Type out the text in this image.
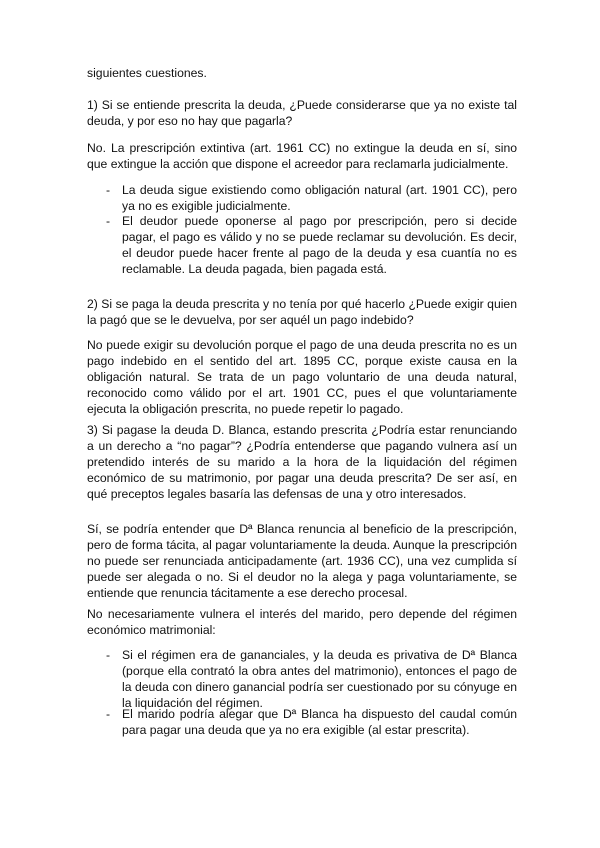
siguientes cuestiones.

1) Si se entiende prescrita la deuda, ¿Puede considerarse que ya no existe tal deuda, y por eso no hay que pagarla?

No. La prescripción extintiva (art. 1961 CC) no extingue la deuda en sí, sino que extingue la acción que dispone el acreedor para reclamarla judicialmente.

- La deuda sigue existiendo como obligación natural (art. 1901 CC), pero ya no es exigible judicialmente.

- El deudor puede oponerse al pago por prescripción, pero si decide pagar, el pago es válido y no se puede reclamar su devolución. Es decir, el deudor puede hacer frente al pago de la deuda y esa cuantía no es reclamable. La deuda pagada, bien pagada está.

2) Si se paga la deuda prescrita y no tenía por qué hacerlo ¿Puede exigir quien la pagó que se le devuelva, por ser aquél un pago indebido?

No puede exigir su devolución porque el pago de una deuda prescrita no es un pago indebido en el sentido del art. 1895 CC, porque existe causa en la obligación natural. Se trata de un pago voluntario de una deuda natural, reconocido como válido por el art. 1901 CC, pues el que voluntariamente ejecuta la obligación prescrita, no puede repetir lo pagado.

3) Si pagase la deuda D. Blanca, estando prescrita ¿Podría estar renunciando a un derecho a “no pagar”? ¿Podría entenderse que pagando vulnera así un pretendido interés de su marido a la hora de la liquidación del régimen económico de su matrimonio, por pagar una deuda prescrita? De ser así, en qué preceptos legales basaría las defensas de una y otro interesados.

Sí, se podría entender que Dª Blanca renuncia al beneficio de la prescripción, pero de forma tácita, al pagar voluntariamente la deuda. Aunque la prescripción no puede ser renunciada anticipadamente (art. 1936 CC), una vez cumplida sí puede ser alegada o no. Si el deudor no la alega y paga voluntariamente, se entiende que renuncia tácitamente a ese derecho procesal.

No necesariamente vulnera el interés del marido, pero depende del régimen económico matrimonial:

- Si el régimen era de gananciales, y la deuda es privativa de Dª Blanca (porque ella contrató la obra antes del matrimonio), entonces el pago de la deuda con dinero ganancial podría ser cuestionado por su cónyuge en la liquidación del régimen.

- El marido podría alegar que Dª Blanca ha dispuesto del caudal común para pagar una deuda que ya no era exigible (al estar prescrita).
